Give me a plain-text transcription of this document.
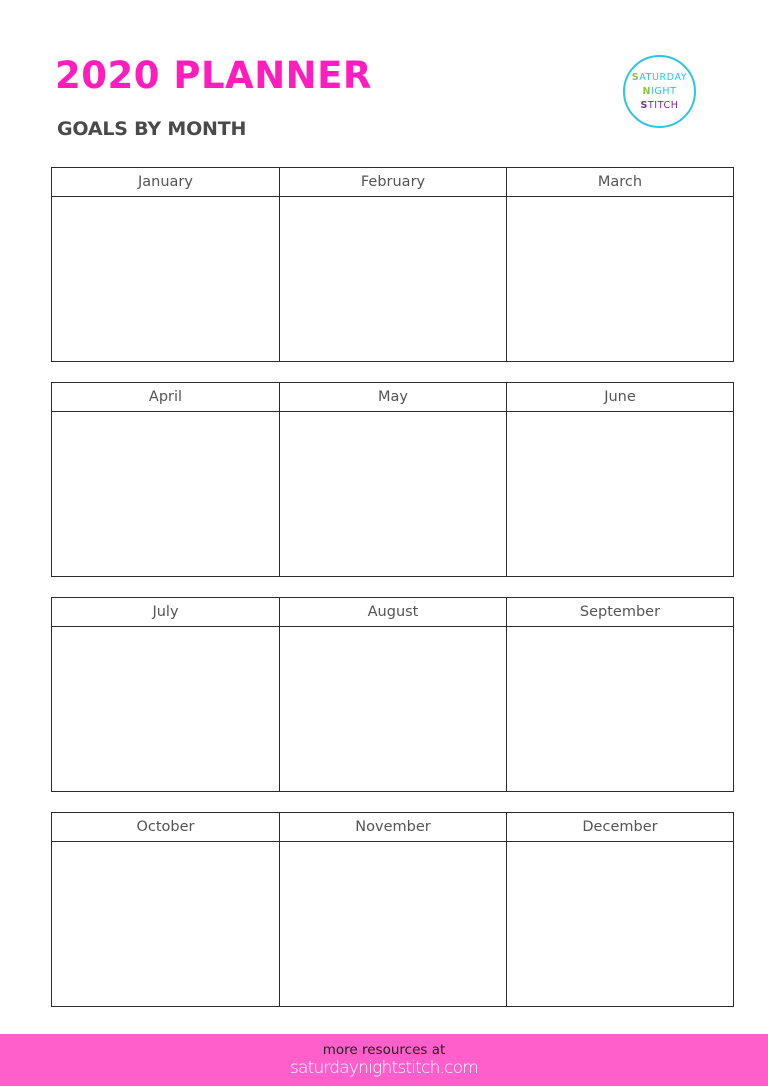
2020 PLANNER
GOALS BY MONTH
SATURDAY
NIGHT
STITCH
January	February	March
April	May	June
July	August	September
October	November	December
more resources at
saturdaynightstitch.com
